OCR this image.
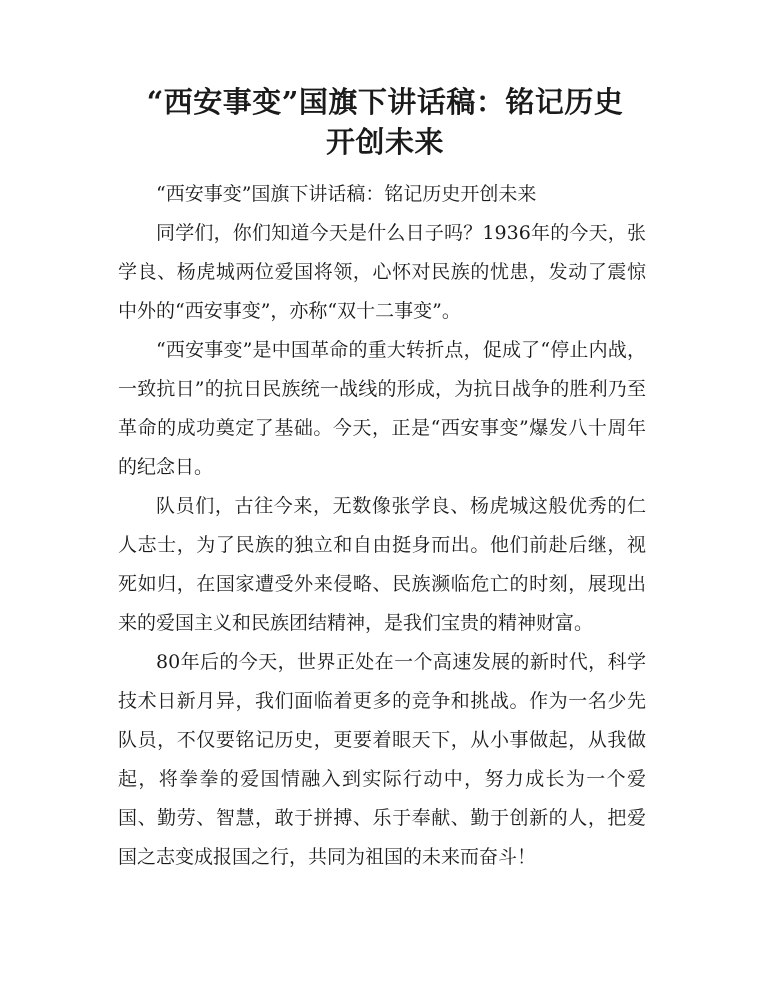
“西安事变”国旗下讲话稿：铭记历史
开创未来

“西安事变”国旗下讲话稿：铭记历史开创未来

同学们，你们知道今天是什么日子吗？1936年的今天，张学良、杨虎城两位爱国将领，心怀对民族的忧患，发动了震惊中外的“西安事变”，亦称“双十二事变”。

“西安事变”是中国革命的重大转折点，促成了“停止内战，一致抗日”的抗日民族统一战线的形成，为抗日战争的胜利乃至革命的成功奠定了基础。今天，正是“西安事变”爆发八十周年的纪念日。

队员们，古往今来，无数像张学良、杨虎城这般优秀的仁人志士，为了民族的独立和自由挺身而出。他们前赴后继，视死如归，在国家遭受外来侵略、民族濒临危亡的时刻，展现出来的爱国主义和民族团结精神，是我们宝贵的精神财富。

80年后的今天，世界正处在一个高速发展的新时代，科学技术日新月异，我们面临着更多的竞争和挑战。作为一名少先队员，不仅要铭记历史，更要着眼天下，从小事做起，从我做起，将拳拳的爱国情融入到实际行动中，努力成长为一个爱国、勤劳、智慧，敢于拼搏、乐于奉献、勤于创新的人，把爱国之志变成报国之行，共同为祖国的未来而奋斗！
